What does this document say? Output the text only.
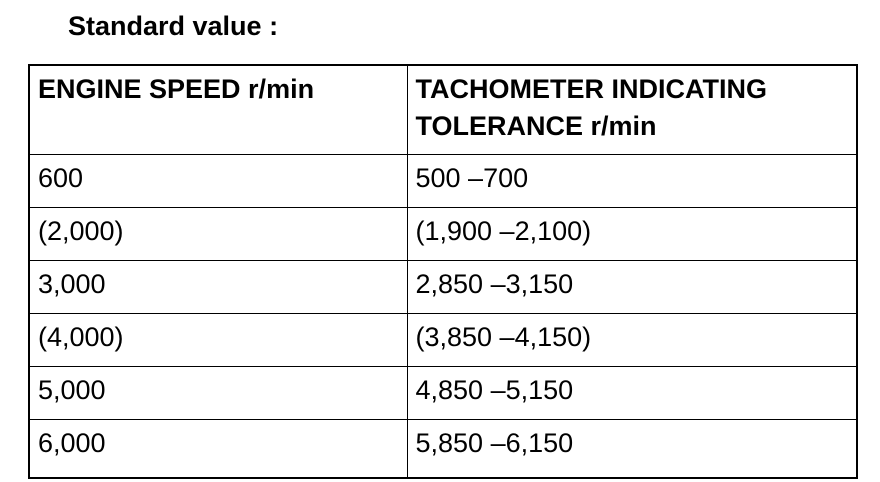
Standard value :
ENGINE SPEED r/min	TACHOMETER INDICATING
TOLERANCE r/min

600	500 –700
(2,000)	(1,900 –2,100)
3,000	2,850 –3,150
(4,000)	(3,850 –4,150)
5,000	4,850 –5,150
6,000	5,850 –6,150
